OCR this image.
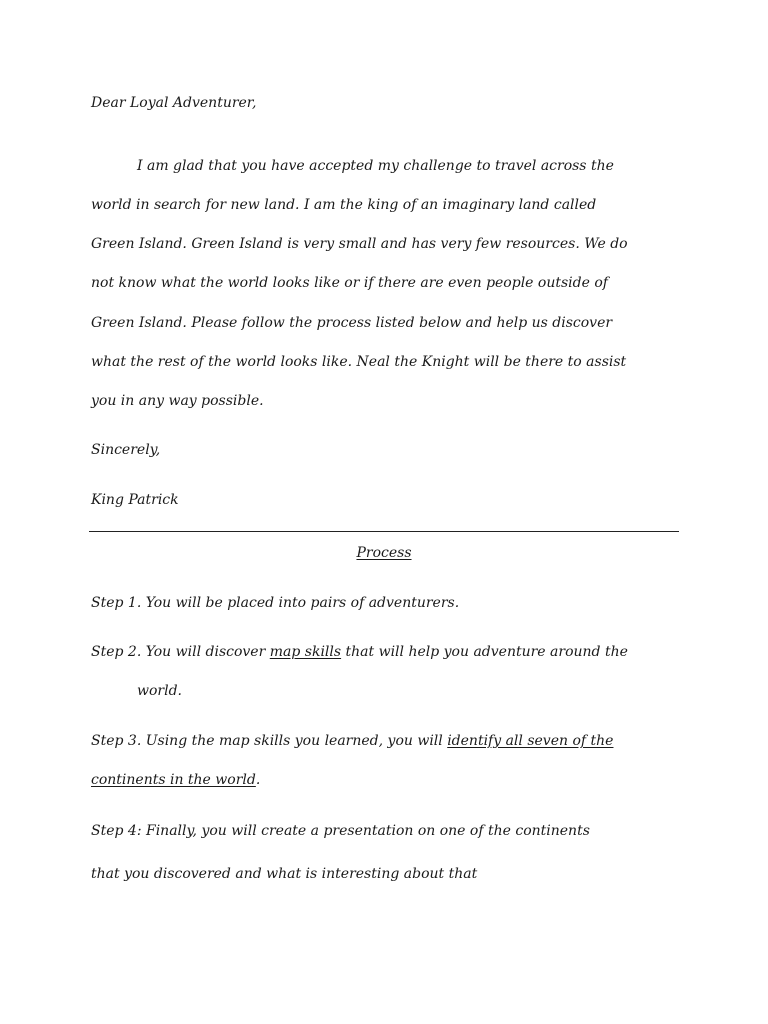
Dear Loyal Adventurer,
I am glad that you have accepted my challenge to travel across the
world in search for new land. I am the king of an imaginary land called
Green Island. Green Island is very small and has very few resources. We do
not know what the world looks like or if there are even people outside of
Green Island. Please follow the process listed below and help us discover
what the rest of the world looks like. Neal the Knight will be there to assist
you in any way possible.
Sincerely,
King Patrick
Process
Step 1. You will be placed into pairs of adventurers.
Step 2. You will discover map skills that will help you adventure around the
world.
Step 3. Using the map skills you learned, you will identify all seven of the
continents in the world.
Step 4: Finally, you will create a presentation on one of the continents
that you discovered and what is interesting about that
